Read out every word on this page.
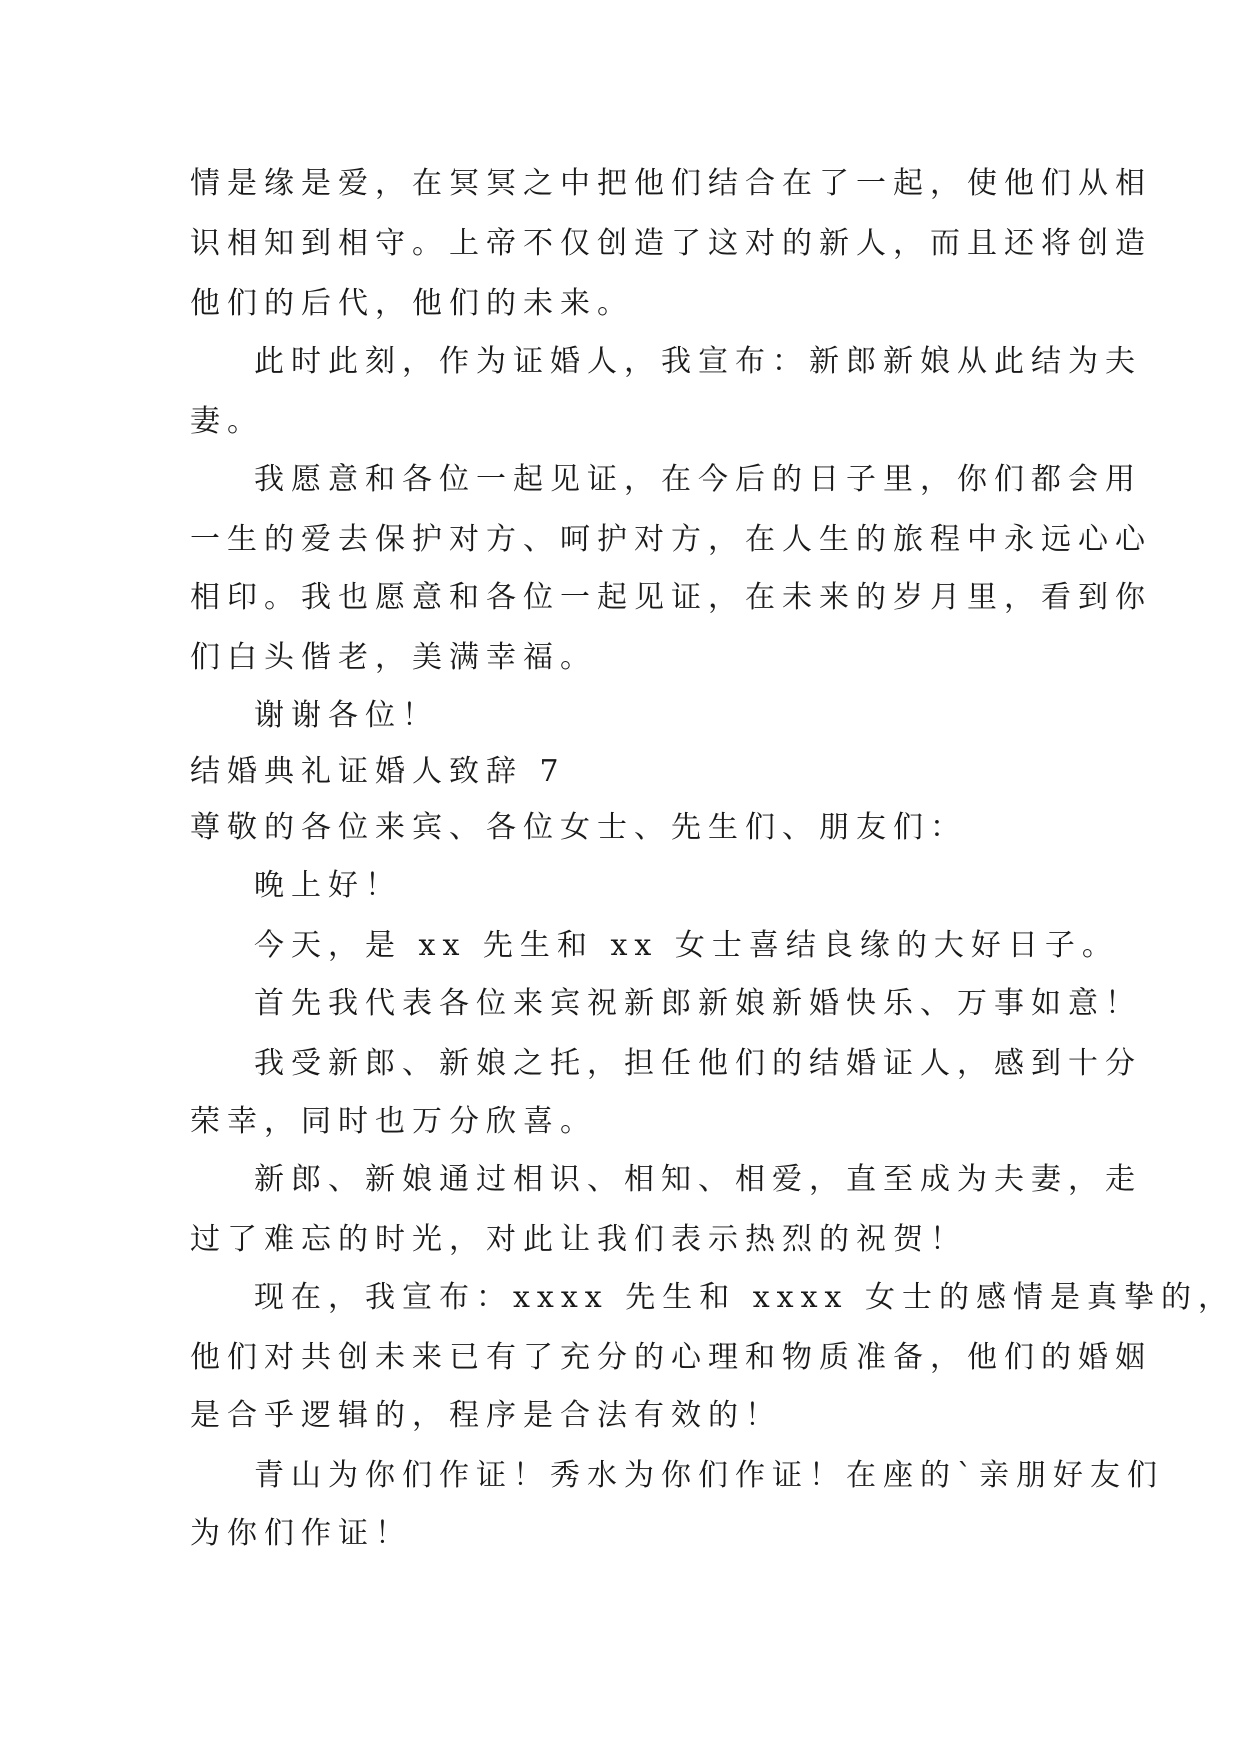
情是缘是爱，在冥冥之中把他们结合在了一起，使他们从相
识相知到相守。上帝不仅创造了这对的新人，而且还将创造
他们的后代，他们的未来。
此时此刻，作为证婚人，我宣布：新郎新娘从此结为夫
妻。
我愿意和各位一起见证，在今后的日子里，你们都会用
一生的爱去保护对方、呵护对方，在人生的旅程中永远心心
相印。我也愿意和各位一起见证，在未来的岁月里，看到你
们白头偕老，美满幸福。
谢谢各位！
结婚典礼证婚人致辞 7
尊敬的各位来宾、各位女士、先生们、朋友们：
晚上好！
今天，是 xx 先生和 xx 女士喜结良缘的大好日子。
首先我代表各位来宾祝新郎新娘新婚快乐、万事如意！
我受新郎、新娘之托，担任他们的结婚证人，感到十分
荣幸，同时也万分欣喜。
新郎、新娘通过相识、相知、相爱，直至成为夫妻，走
过了难忘的时光，对此让我们表示热烈的祝贺！
现在，我宣布：xxxx 先生和 xxxx 女士的感情是真挚的，
他们对共创未来已有了充分的心理和物质准备，他们的婚姻
是合乎逻辑的，程序是合法有效的！
青山为你们作证！秀水为你们作证！在座的`亲朋好友们
为你们作证！
